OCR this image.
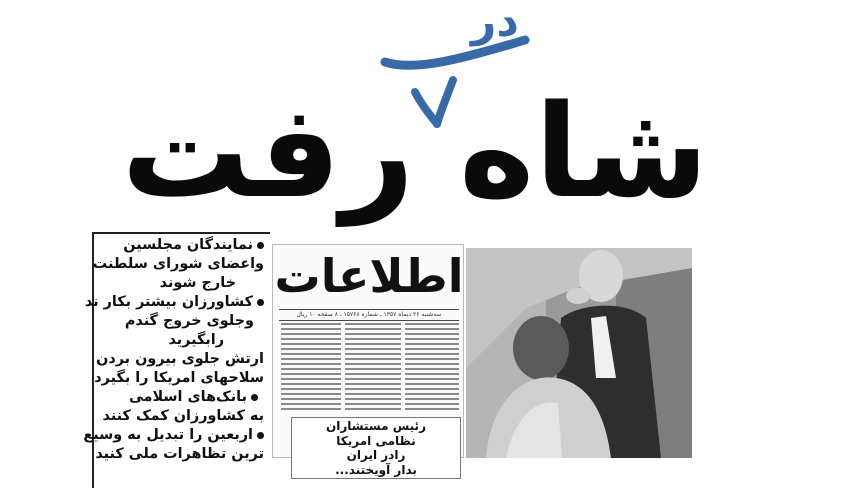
شاه رفت
در
نمایندگان مجلسین
واعضای شورای سلطنت
خارج شوند
کشاورزان بیشتر بکار ند
وجلوی خروج گندم
رابگیرید
ارتش جلوی بیرون بردن
سلاحهای امریکا را بگیرد
بانک‌های اسلامی
به کشاورزان کمک کنند
اربعین را تبدیل به وسیع
ترین تظاهرات ملی کنید
اطلاعات
سه‌شنبه ۲۶ دیماه ۱۳۵۷ ـ شماره ۱۵۷۶۸ ـ ۸ صفحه ۱۰ ریال
رئیس مستشاران
نظامی امریکا
رادر ایران
بدار آویختند...
